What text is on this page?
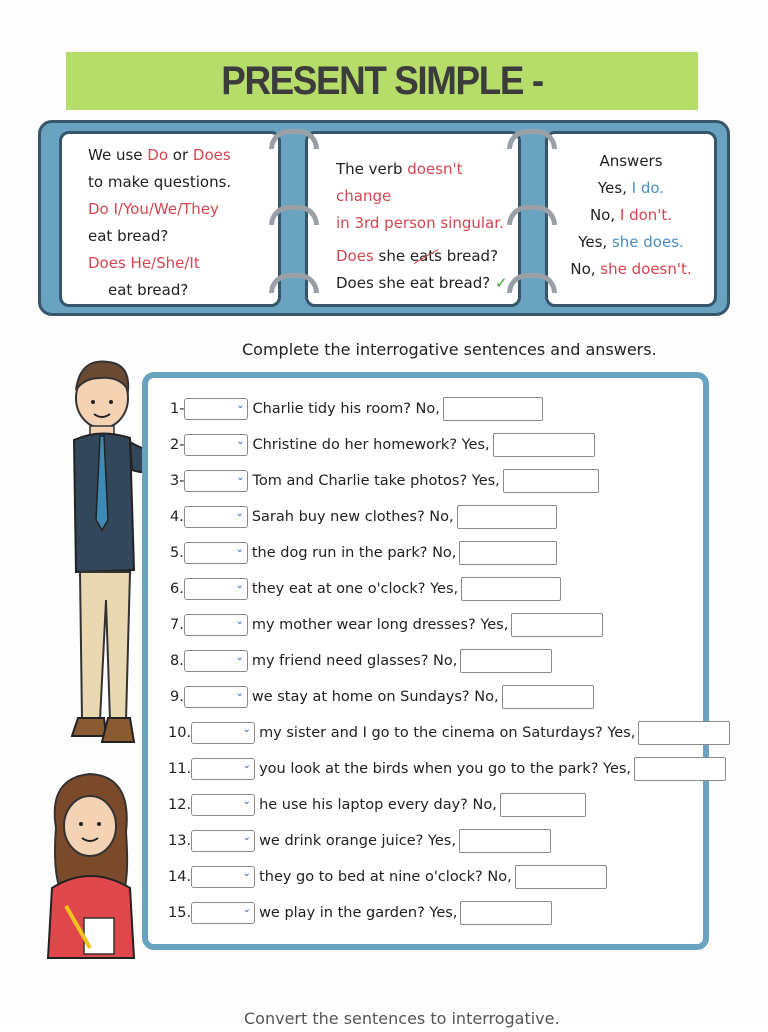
PRESENT SIMPLE -
We use Do or Does
to make questions.
Do I/You/We/They
eat bread?
Does He/She/It
eat bread?
The verb doesn't change
in 3rd person singular.
Does she eats bread?
Does she eat bread? ✓
Answers
Yes, I do.
No, I don't.
Yes, she does.
No, she doesn't.
Complete the interrogative sentences and answers.
1-	⌄ Charlie tidy his room? No,
2-	⌄ Christine do her homework? Yes,
3-	⌄ Tom and Charlie take photos? Yes,
4.	⌄ Sarah buy new clothes? No,
5.	⌄ the dog run in the park? No,
6.	⌄ they eat at one o'clock? Yes,
7.	⌄ my mother wear long dresses? Yes,
8.	⌄ my friend need glasses? No,
9.	⌄ we stay at home on Sundays? No,
10.	⌄ my sister and I go to the cinema on Saturdays? Yes,
11.	⌄ you look at the birds when you go to the park? Yes,
12.	⌄ he use his laptop every day? No,
13.	⌄ we drink orange juice? Yes,
14.	⌄ they go to bed at nine o'clock? No,
15.	⌄ we play in the garden? Yes,
Convert the sentences to interrogative.
